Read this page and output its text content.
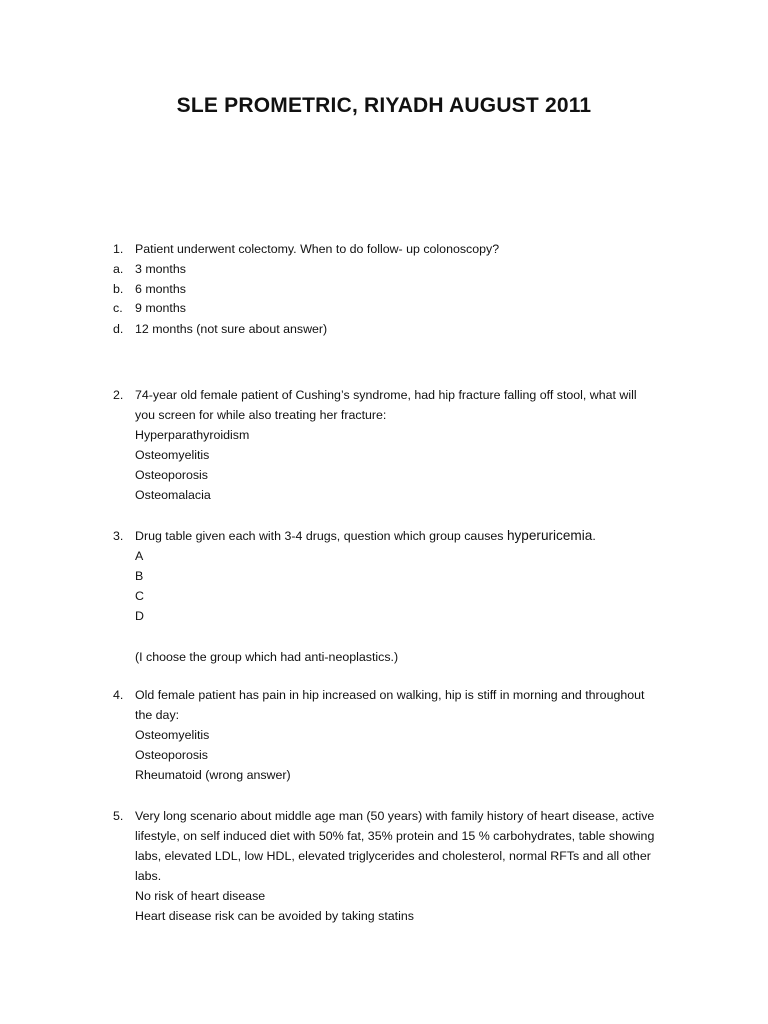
SLE PROMETRIC, RIYADH AUGUST 2011
1. Patient underwent colectomy. When to do follow- up colonoscopy?
a. 3 months
b. 6 months
c. 9 months
d. 12 months (not sure about answer)
2. 74-year old female patient of Cushing’s syndrome, had hip fracture falling off stool, what will
you screen for while also treating her fracture:
Hyperparathyroidism
Osteomyelitis
Osteoporosis
Osteomalacia
3. Drug table given each with 3-4 drugs, question which group causes hyperuricemia.
A
B
C
D
(I choose the group which had anti-neoplastics.)
4. Old female patient has pain in hip increased on walking, hip is stiff in morning and throughout
the day:
Osteomyelitis
Osteoporosis
Rheumatoid (wrong answer)
5. Very long scenario about middle age man (50 years) with family history of heart disease, active
lifestyle, on self induced diet with 50% fat, 35% protein and 15 % carbohydrates, table showing
labs, elevated LDL, low HDL, elevated triglycerides and cholesterol, normal RFTs and all other
labs.
No risk of heart disease
Heart disease risk can be avoided by taking statins
